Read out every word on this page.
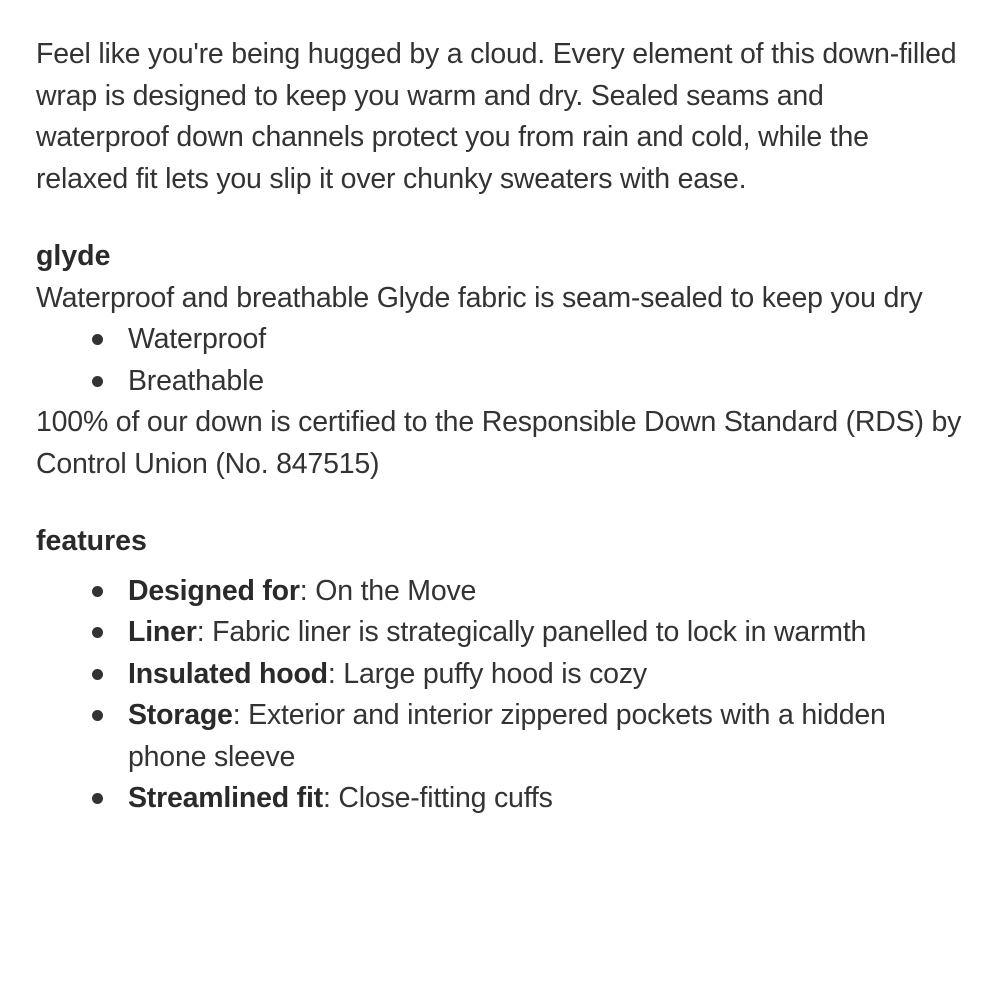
Feel like you're being hugged by a cloud. Every element of this down-filled wrap is designed to keep you warm and dry. Sealed seams and waterproof down channels protect you from rain and cold, while the relaxed fit lets you slip it over chunky sweaters with ease.

glyde

Waterproof and breathable Glyde fabric is seam-sealed to keep you dry

Waterproof
Breathable

100% of our down is certified to the Responsible Down Standard (RDS) by Control Union (No. 847515)

features
Designed for: On the Move
Liner: Fabric liner is strategically panelled to lock in warmth
Insulated hood: Large puffy hood is cozy
Storage: Exterior and interior zippered pockets with a hidden phone sleeve
Streamlined fit: Close-fitting cuffs
